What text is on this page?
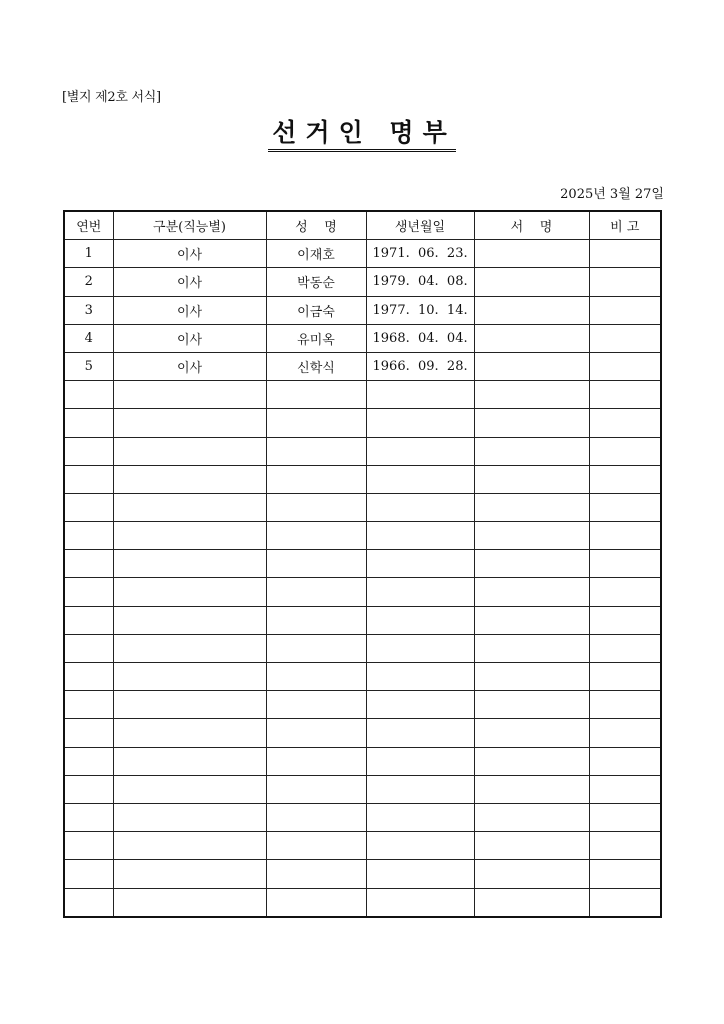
[별지 제2호 서식]
선거인 명부
2025년 3월 27일
연번	구분(직능별)	성    명	생년월일	서    명	비 고
1	이사	이재호	1971.  06.  23.		
2	이사	박동순	1979.  04.  08.		
3	이사	이금숙	1977.  10.  14.		
4	이사	유미옥	1968.  04.  04.		
5	이사	신학식	1966.  09.  28.		
